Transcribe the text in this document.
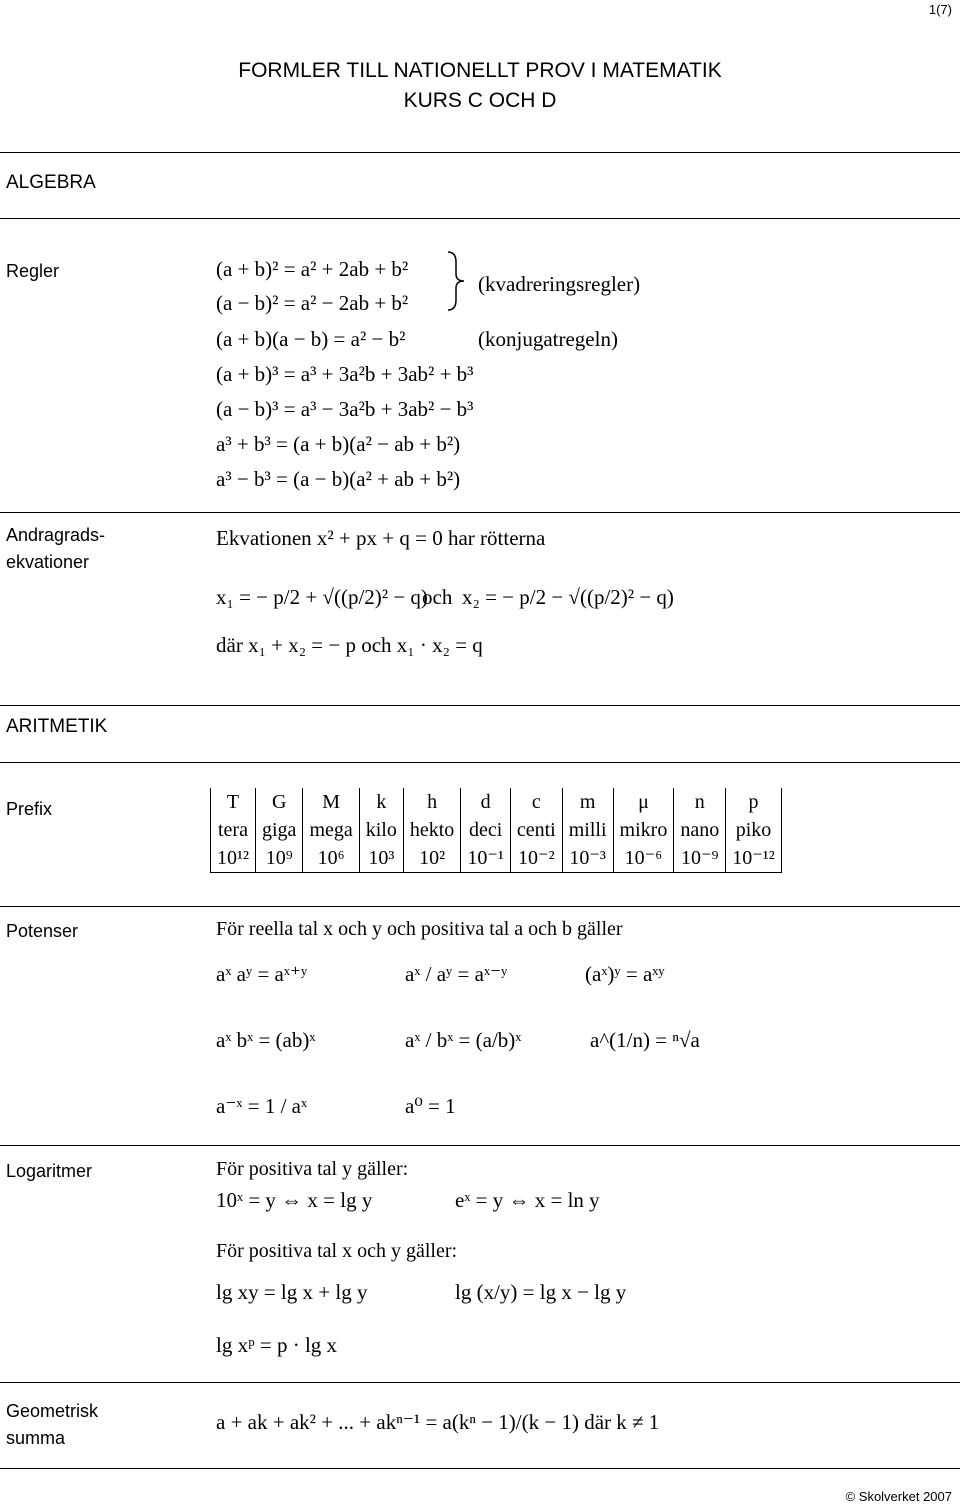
1(7)
FORMLER TILL NATIONELLT PROV I MATEMATIK
KURS C OCH D
ALGEBRA
Regler	(a + b)² = a² + 2ab + b²
(a − b)² = a² − 2ab + b²
(kvadreringsregler)
(a + b)(a − b) = a² − b²	(konjugatregeln)
(a + b)³ = a³ + 3a²b + 3ab² + b³
(a − b)³ = a³ − 3a²b + 3ab² − b³
a³ + b³ = (a + b)(a² − ab + b²)
a³ − b³ = (a − b)(a² + ab + b²)
Andragrads-
ekvationer
Ekvationen x² + px + q = 0 har rötterna
x₁ = − p/2 + √((p/2)² − q)
och x₂ = − p/2 − √((p/2)² − q)
där x₁ + x₂ = − p och x₁ · x₂ = q
ARITMETIK
Prefix	T	G	M	k	h	d	c	m	μ	n	p
tera	giga	mega	kilo	hekto	deci	centi	milli	mikro	nano	piko
10¹²	10⁹	10⁶	10³	10²	10⁻¹	10⁻²	10⁻³	10⁻⁶	10⁻⁹	10⁻¹²
Potenser	För reella tal x och y och positiva tal a och b gäller
aˣ aʸ = aˣ⁺ʸ	aˣ / aʸ = aˣ⁻ʸ	(aˣ)ʸ = aˣʸ
aˣ bˣ = (ab)ˣ	aˣ / bˣ = (a/b)ˣ	a^(1/n) = ⁿ√a
a⁻ˣ = 1 / aˣ	a⁰ = 1
Logaritmer	För positiva tal y gäller:
10ˣ = y ⇔ x = lg y	eˣ = y ⇔ x = ln y
För positiva tal x och y gäller:
lg xy = lg x + lg y	lg (x/y) = lg x − lg y
lg xᵖ = p · lg x
Geometrisk
summa
a + ak + ak² + ... + akⁿ⁻¹ = a(kⁿ − 1)/(k − 1) där k ≠ 1
© Skolverket 2007
